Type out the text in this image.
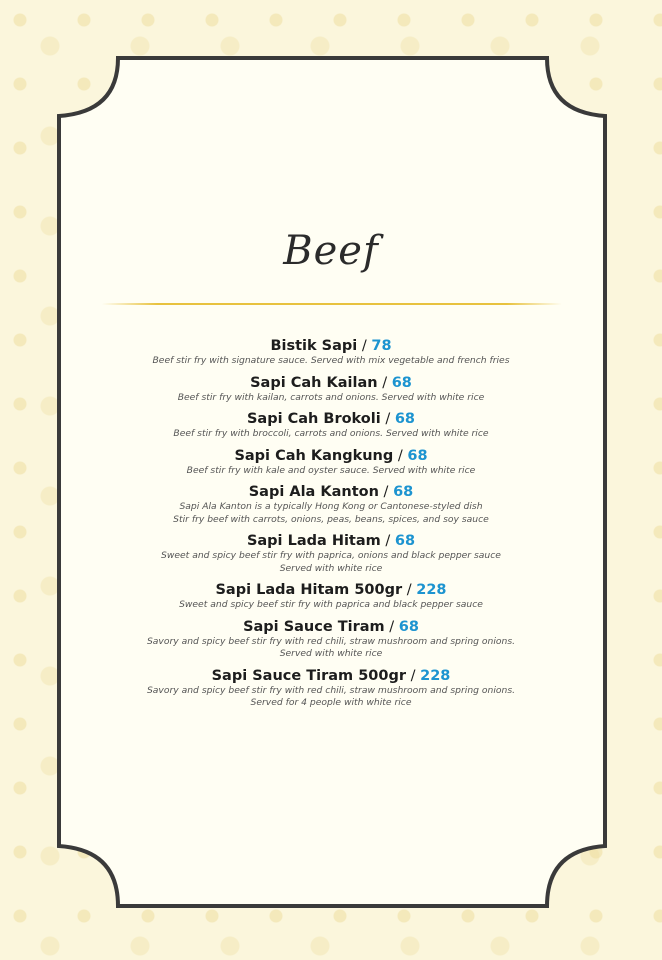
Beef
Bistik Sapi / 78
Beef stir fry with signature sauce. Served with mix vegetable and french fries
Sapi Cah Kailan / 68
Beef stir fry with kailan, carrots and onions. Served with white rice
Sapi Cah Brokoli / 68
Beef stir fry with broccoli, carrots and onions. Served with white rice
Sapi Cah Kangkung / 68
Beef stir fry with kale and oyster sauce. Served with white rice
Sapi Ala Kanton / 68
Sapi Ala Kanton is a typically Hong Kong or Cantonese-styled dish
Stir fry beef with carrots, onions, peas, beans, spices, and soy sauce
Sapi Lada Hitam / 68
Sweet and spicy beef stir fry with paprica, onions and black pepper sauce
Served with white rice
Sapi Lada Hitam 500gr / 228
Sweet and spicy beef stir fry with paprica and black pepper sauce
Sapi Sauce Tiram / 68
Savory and spicy beef stir fry with red chili, straw mushroom and spring onions.
Served with white rice
Sapi Sauce Tiram 500gr / 228
Savory and spicy beef stir fry with red chili, straw mushroom and spring onions.
Served for 4 people with white rice
